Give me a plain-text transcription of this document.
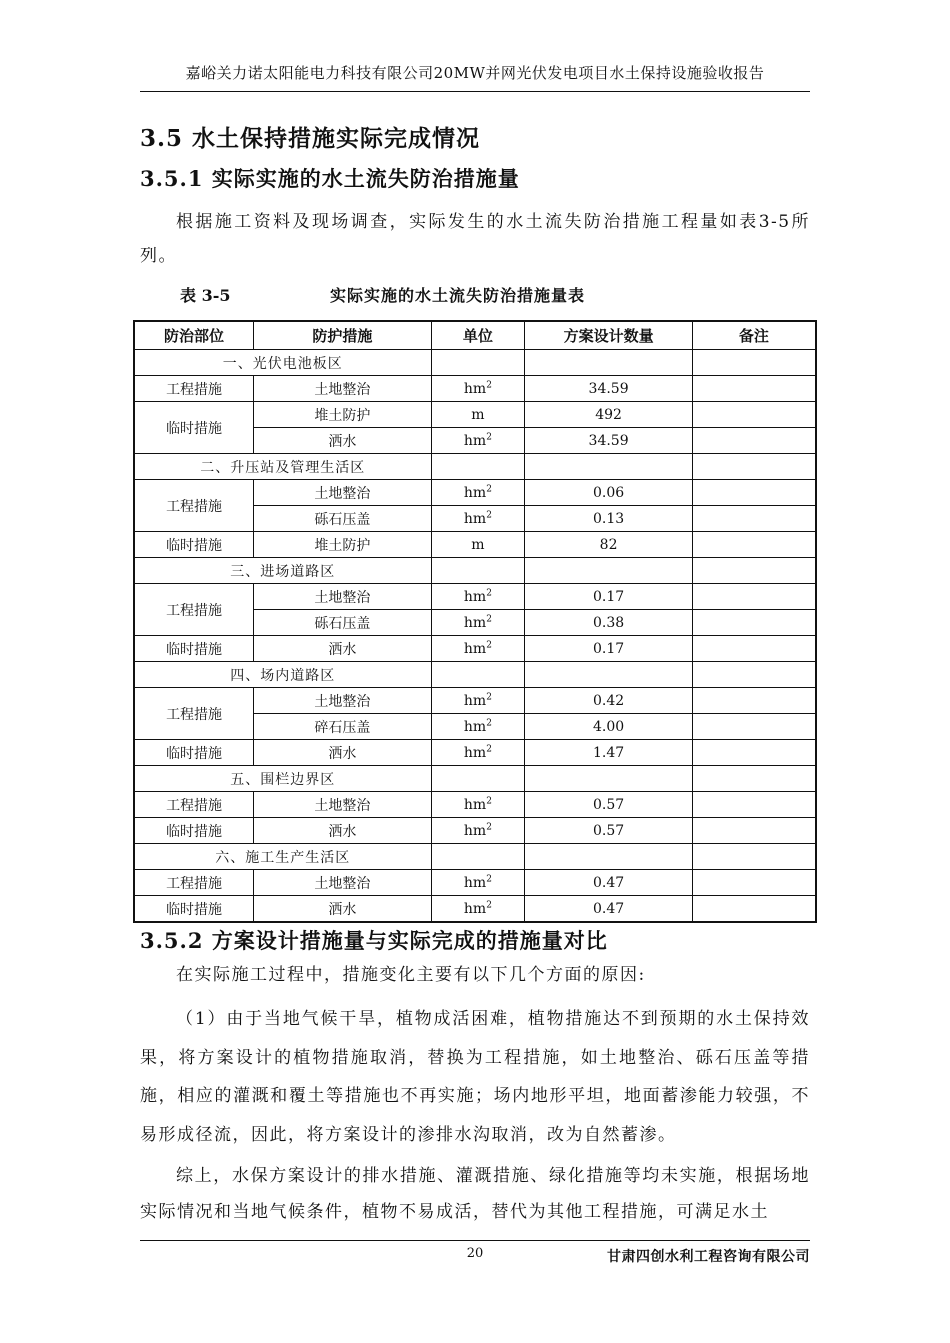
嘉峪关力诺太阳能电力科技有限公司20MW并网光伏发电项目水土保持设施验收报告
3.5 水土保持措施实际完成情况
3.5.1 实际实施的水土流失防治措施量

根据施工资料及现场调查，实际发生的水土流失防治措施工程量如表3-5所列。

表 3-5	实际实施的水土流失防治措施量表
防治部位	防护措施	单位	方案设计数量	备注
一、光伏电池板区				
工程措施	土地整治	$hm^2$	34.59	
临时措施	堆土防护	m	492	
	洒水	$hm^2$	34.59	
二、升压站及管理生活区				
工程措施	土地整治	$hm^2$	0.06	
	砾石压盖	$hm^2$	0.13	
临时措施	堆土防护	m	82	
三、进场道路区				
工程措施	土地整治	$hm^2$	0.17	
	砾石压盖	$hm^2$	0.38	
临时措施	洒水	$hm^2$	0.17	
四、场内道路区				
工程措施	土地整治	$hm^2$	0.42	
	碎石压盖	$hm^2$	4.00	
临时措施	洒水	$hm^2$	1.47	
五、围栏边界区				
工程措施	土地整治	$hm^2$	0.57	
临时措施	洒水	$hm^2$	0.57	
六、施工生产生活区				
工程措施	土地整治	$hm^2$	0.47	
临时措施	洒水	$hm^2$	0.47	
3.5.2 方案设计措施量与实际完成的措施量对比

在实际施工过程中，措施变化主要有以下几个方面的原因:

（1）由于当地气候干旱，植物成活困难，植物措施达不到预期的水土保持效果，将方案设计的植物措施取消，替换为工程措施，如土地整治、砾石压盖等措施，相应的灌溉和覆土等措施也不再实施；场内地形平坦，地面蓄渗能力较强，不易形成径流，因此，将方案设计的渗排水沟取消，改为自然蓄渗。

综上，水保方案设计的排水措施、灌溉措施、绿化措施等均未实施，根据场地实际情况和当地气候条件，植物不易成活，替代为其他工程措施，可满足水土

20	甘肃四创水利工程咨询有限公司
